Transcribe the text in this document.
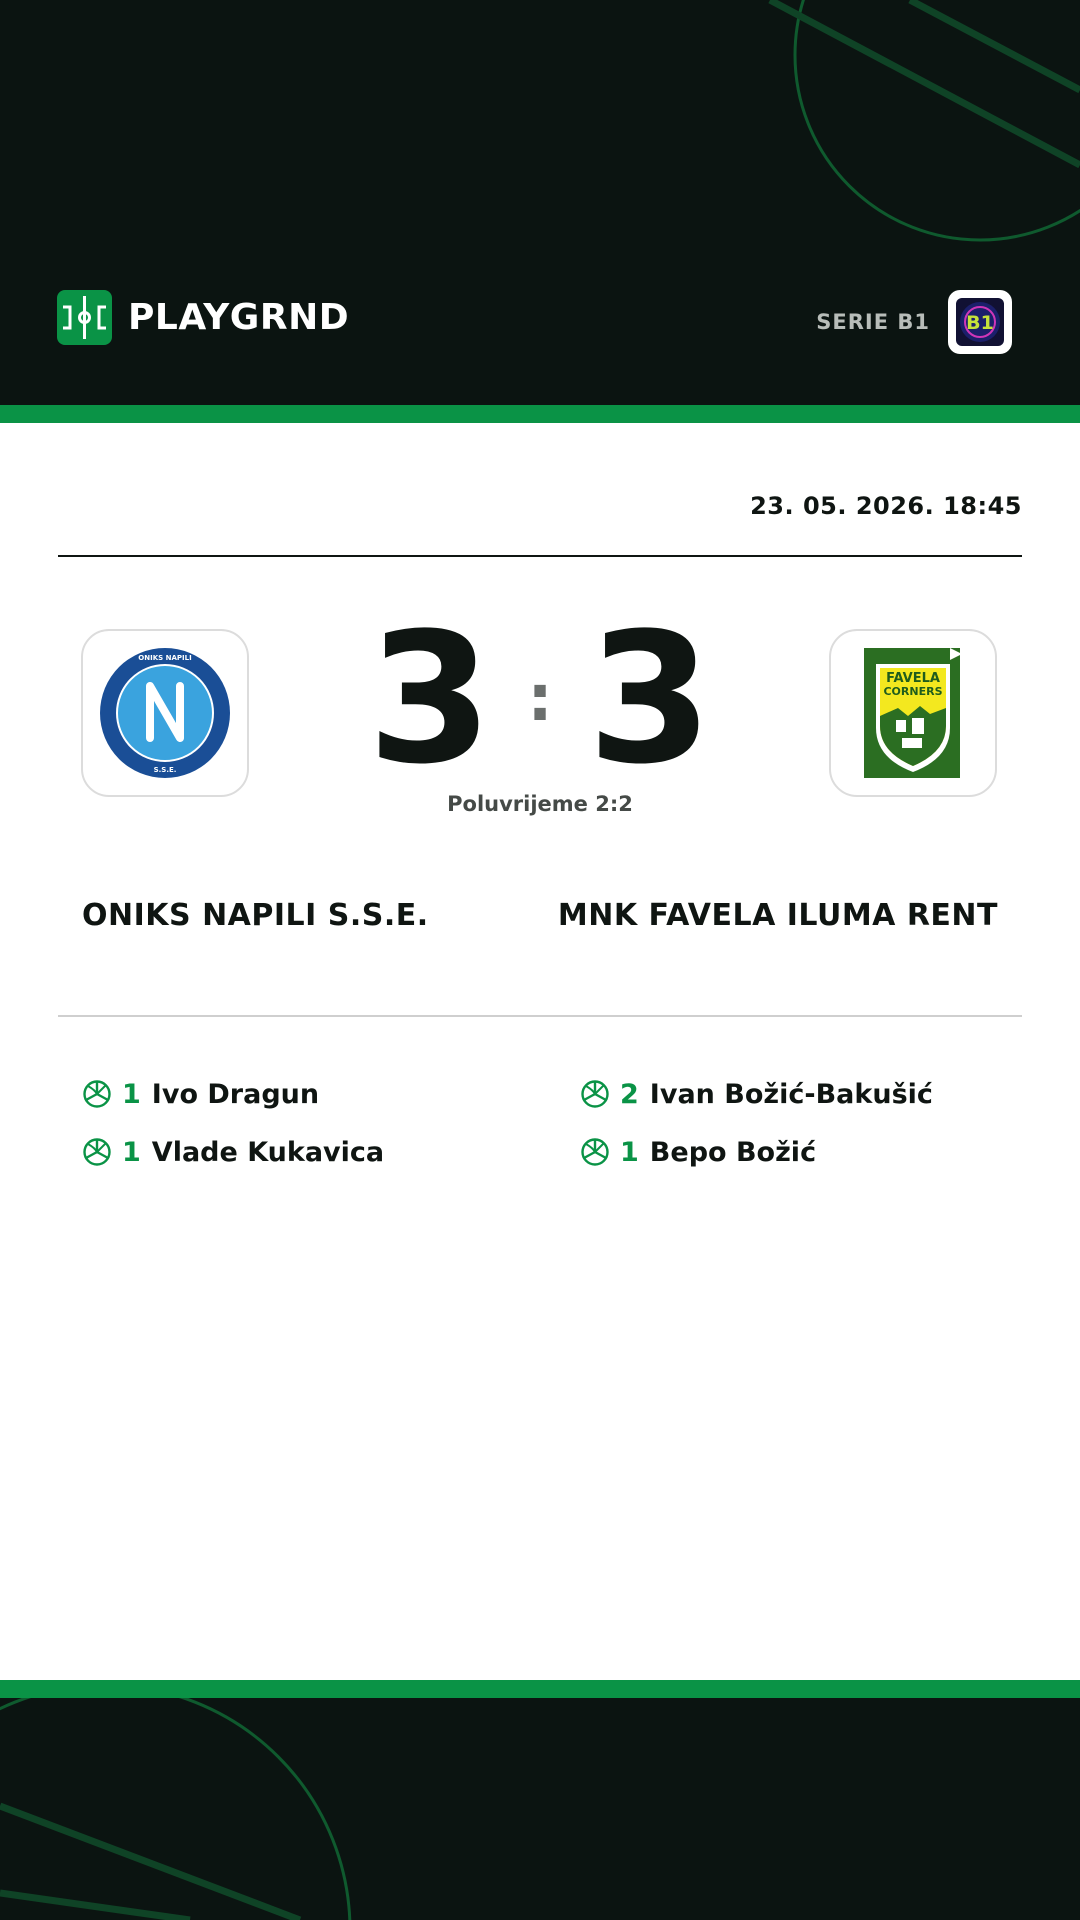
PLAYGRND	SERIE B1 B1
23. 05. 2026. 18:45
ONIKS NAPILI
S.S.E. 3 : 3
Poluvrijeme 2:2
FAVELA
CORNERS
ONIKS NAPILI S.S.E.	MNK FAVELA ILUMA RENT
1 Ivo Dragun
1 Vlade Kukavica
2 Ivan Božić-Bakušić
1 Bepo Božić
